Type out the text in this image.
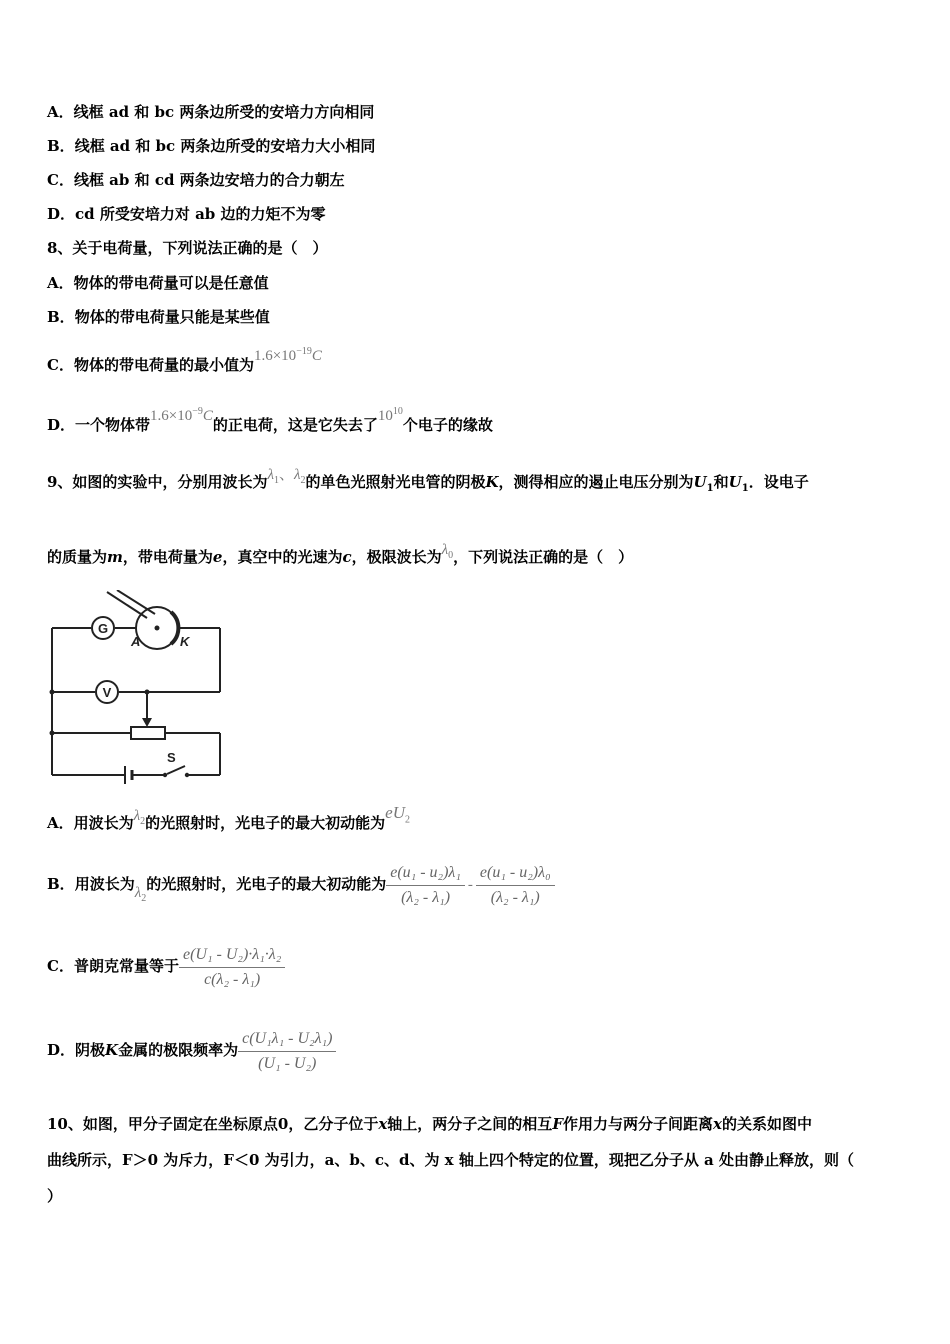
A．线框 ad 和 bc 两条边所受的安培力方向相同
B．线框 ad 和 bc 两条边所受的安培力大小相同
C．线框 ab 和 cd 两条边安培力的合力朝左
D．cd 所受安培力对 ab 边的力矩不为零
8、关于电荷量，下列说法正确的是（　）
A．物体的带电荷量可以是任意值
B．物体的带电荷量只能是某些值
C．物体的带电荷量的最小值为$1.6\times 10^{-19}C$
D．一个物体带$1.6\times 10^{-9}C$的正电荷，这是它失去了$10^{10}$个电子的缘故
9、如图的实验中，分别用波长为$\lambda_1$、$\lambda_2$的单色光照射光电管的阴极K，测得相应的遏止电压分别为$U_1$和$U_1$．设电子
的质量为m，带电荷量为e，真空中的光速为c，极限波长为$\lambda_0$，下列说法正确的是（　）
G
A	K
V
S
A．用波长为$\lambda_2$的光照射时，光电子的最大初动能为$eU_2$
B．用波长为$\lambda_2$的光照射时，光电子的最大初动能为 $\frac{\text{e(u₁ - u₂)λ₁}}{\text{(λ₂ - λ₁)}} - \frac{\text{e(u₁ - u₂)λ₀}}{\text{(λ₂ - λ₁)}}$
C．普朗克常量等于 $\frac{\text{e(U₁ - U₂)·λ₁·λ₂}}{\text{c(λ₂ - λ₁)}}$
D．阴极K金属的极限频率为 $\frac{\text{c(U₁λ₁ - U₂λ₁)}}{\text{(U₁ - U₂)}}$
10、如图，甲分子固定在坐标原点0，乙分子位于x轴上，两分子之间的相互F作用力与两分子间距离x的关系如图中
曲线所示，F＞0 为斥力，F＜0 为引力，a、b、c、d、为 x 轴上四个特定的位置，现把乙分子从 a 处由静止释放，则（
）
